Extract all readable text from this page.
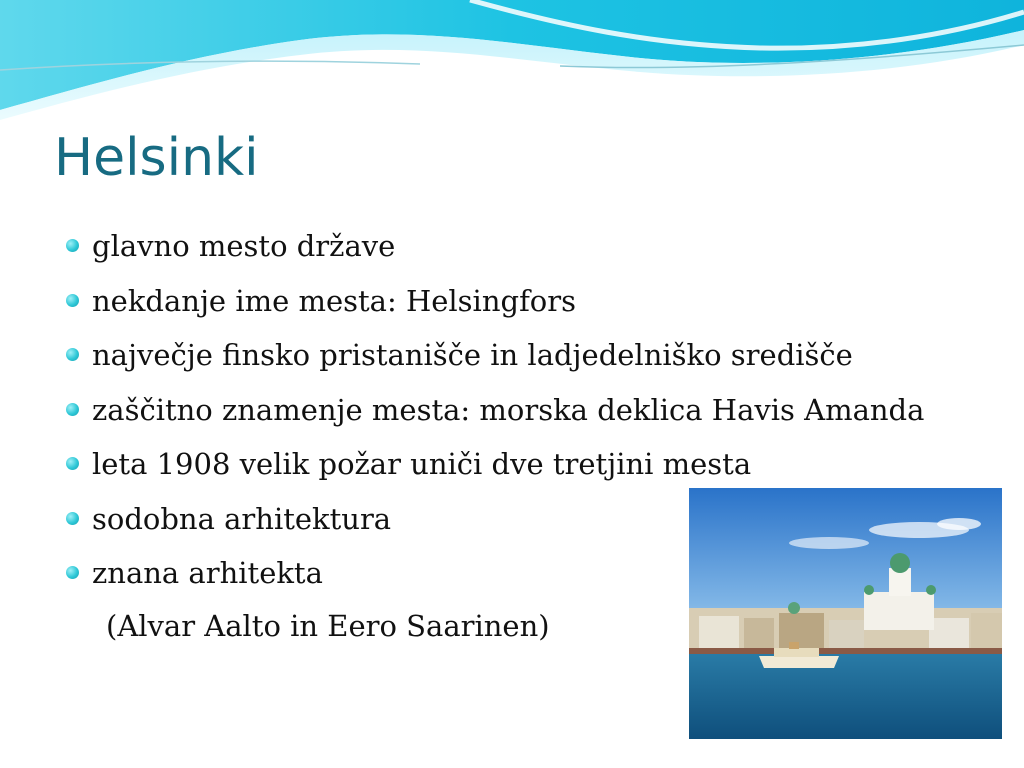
Helsinki
glavno mesto države
nekdanje ime mesta: Helsingfors
največje finsko pristanišče in ladjedelniško središče
zaščitno znamenje mesta: morska deklica Havis Amanda
leta 1908 velik požar uniči dve tretjini mesta
sodobna arhitektura
znana arhitekta
(Alvar Aalto in Eero Saarinen)
